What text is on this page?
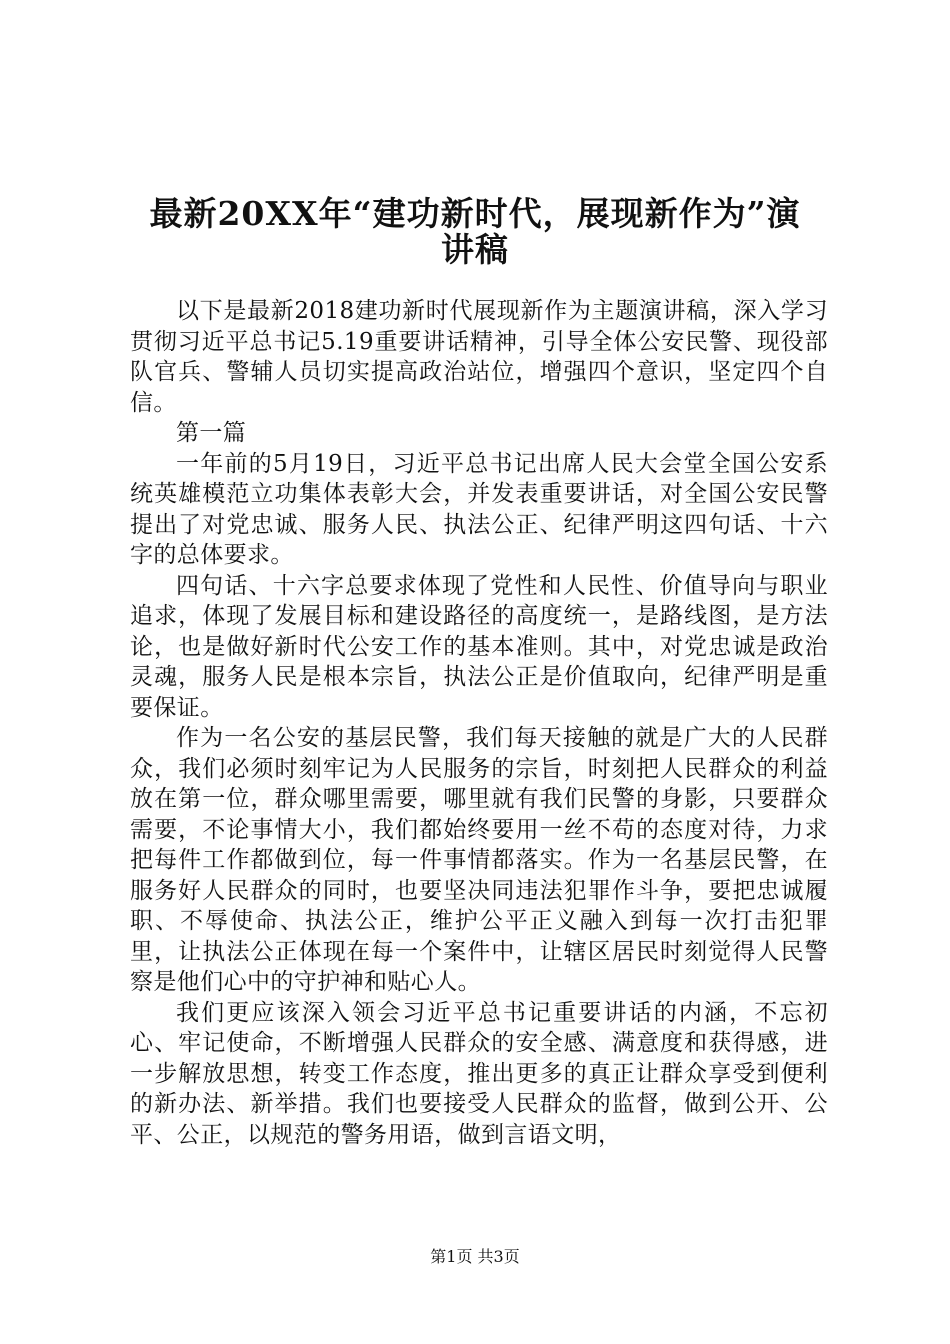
最新20XX年“建功新时代，展现新作为”演
讲稿

以下是最新2018建功新时代展现新作为主题演讲稿，深入学习贯彻习近平总书记5.19重要讲话精神，引导全体公安民警、现役部队官兵、警辅人员切实提高政治站位，增强四个意识，坚定四个自信。

第一篇

一年前的5月19日，习近平总书记出席人民大会堂全国公安系统英雄模范立功集体表彰大会，并发表重要讲话，对全国公安民警提出了对党忠诚、服务人民、执法公正、纪律严明这四句话、十六字的总体要求。

四句话、十六字总要求体现了党性和人民性、价值导向与职业追求，体现了发展目标和建设路径的高度统一，是路线图，是方法论，也是做好新时代公安工作的基本准则。其中，对党忠诚是政治灵魂，服务人民是根本宗旨，执法公正是价值取向，纪律严明是重要保证。

作为一名公安的基层民警，我们每天接触的就是广大的人民群众，我们必须时刻牢记为人民服务的宗旨，时刻把人民群众的利益放在第一位，群众哪里需要，哪里就有我们民警的身影，只要群众需要，不论事情大小，我们都始终要用一丝不苟的态度对待，力求把每件工作都做到位，每一件事情都落实。作为一名基层民警，在服务好人民群众的同时，也要坚决同违法犯罪作斗争，要把忠诚履职、不辱使命、执法公正，维护公平正义融入到每一次打击犯罪里，让执法公正体现在每一个案件中，让辖区居民时刻觉得人民警察是他们心中的守护神和贴心人。

我们更应该深入领会习近平总书记重要讲话的内涵，不忘初心、牢记使命，不断增强人民群众的安全感、满意度和获得感，进一步解放思想，转变工作态度，推出更多的真正让群众享受到便利的新办法、新举措。我们也要接受人民群众的监督，做到公开、公平、公正，以规范的警务用语，做到言语文明，

第1页 共3页
